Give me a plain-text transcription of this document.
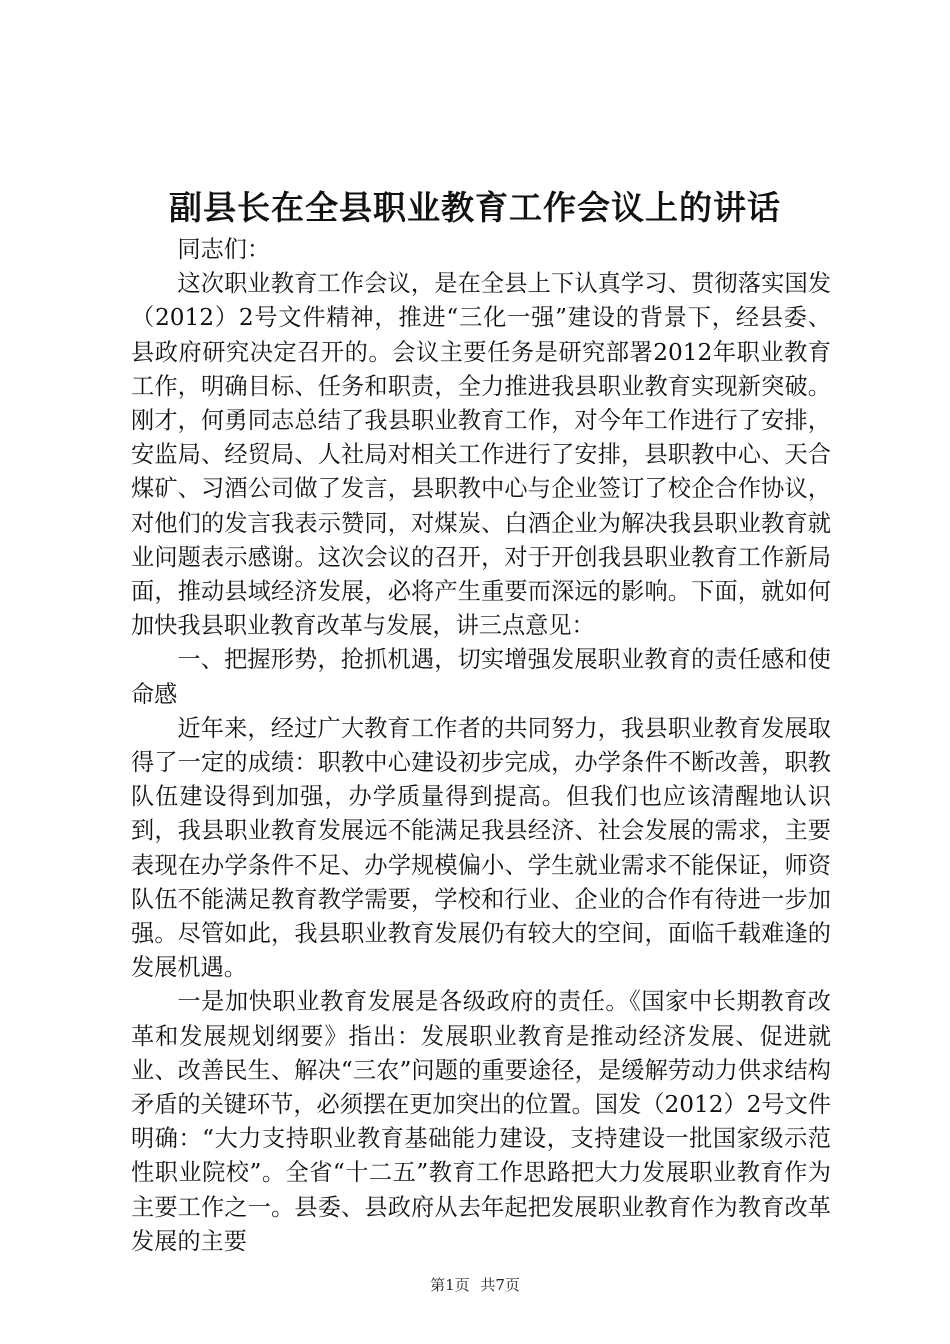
副县长在全县职业教育工作会议上的讲话

同志们：

这次职业教育工作会议，是在全县上下认真学习、贯彻落实国发（2012）2号文件精神，推进“三化一强”建设的背景下，经县委、县政府研究决定召开的。会议主要任务是研究部署2012年职业教育工作，明确目标、任务和职责，全力推进我县职业教育实现新突破。刚才，何勇同志总结了我县职业教育工作，对今年工作进行了安排，安监局、经贸局、人社局对相关工作进行了安排，县职教中心、天合煤矿、习酒公司做了发言，县职教中心与企业签订了校企合作协议，对他们的发言我表示赞同，对煤炭、白酒企业为解决我县职业教育就业问题表示感谢。这次会议的召开，对于开创我县职业教育工作新局面，推动县域经济发展，必将产生重要而深远的影响。下面，就如何加快我县职业教育改革与发展，讲三点意见：

一、把握形势，抢抓机遇，切实增强发展职业教育的责任感和使命感

近年来，经过广大教育工作者的共同努力，我县职业教育发展取得了一定的成绩：职教中心建设初步完成，办学条件不断改善，职教队伍建设得到加强，办学质量得到提高。但我们也应该清醒地认识到，我县职业教育发展远不能满足我县经济、社会发展的需求，主要表现在办学条件不足、办学规模偏小、学生就业需求不能保证，师资队伍不能满足教育教学需要，学校和行业、企业的合作有待进一步加强。尽管如此，我县职业教育发展仍有较大的空间，面临千载难逢的发展机遇。

一是加快职业教育发展是各级政府的责任。《国家中长期教育改革和发展规划纲要》指出：发展职业教育是推动经济发展、促进就业、改善民生、解决“三农”问题的重要途径，是缓解劳动力供求结构矛盾的关键环节，必须摆在更加突出的位置。国发（2012）2号文件明确：“大力支持职业教育基础能力建设，支持建设一批国家级示范性职业院校”。全省“十二五”教育工作思路把大力发展职业教育作为主要工作之一。县委、县政府从去年起把发展职业教育作为教育改革发展的主要

第1页 共7页
